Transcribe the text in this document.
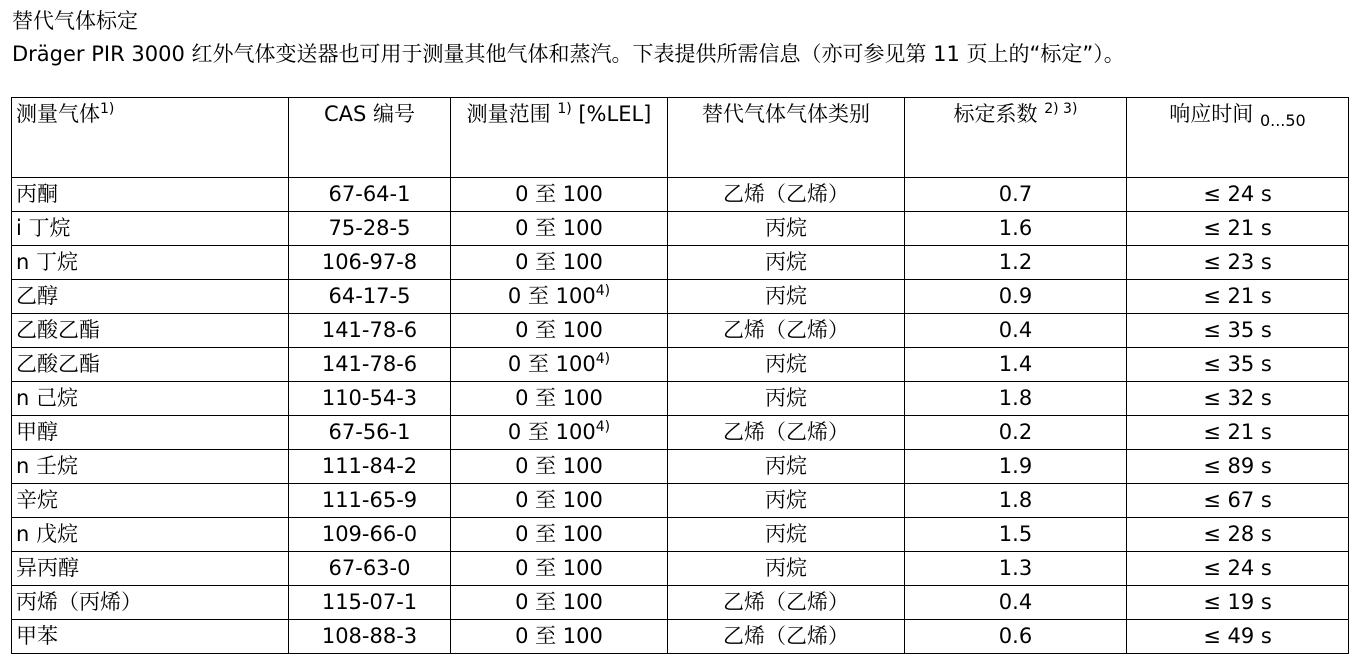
替代气体标定
Dräger PIR 3000 红外气体变送器也可用于测量其他气体和蒸汽。下表提供所需信息（亦可参见第 11 页上的“标定”）。
测量气体$^{1)}$	CAS 编号	测量范围 $^{1)}$ [%LEL]	替代气体气体类别	标定系数 $^{2) 3)}$	响应时间 $_{0...50}$
丙酮	67-64-1	0 至 100	乙烯（乙烯）	0.7	≤ 24 s
i 丁烷	75-28-5	0 至 100	丙烷	1.6	≤ 21 s
n 丁烷	106-97-8	0 至 100	丙烷	1.2	≤ 23 s
乙醇	64-17-5	0 至 100$^{4)}$	丙烷	0.9	≤ 21 s
乙酸乙酯	141-78-6	0 至 100	乙烯（乙烯）	0.4	≤ 35 s
乙酸乙酯	141-78-6	0 至 100$^{4)}$	丙烷	1.4	≤ 35 s
n 己烷	110-54-3	0 至 100	丙烷	1.8	≤ 32 s
甲醇	67-56-1	0 至 100$^{4)}$	乙烯（乙烯）	0.2	≤ 21 s
n 壬烷	111-84-2	0 至 100	丙烷	1.9	≤ 89 s
辛烷	111-65-9	0 至 100	丙烷	1.8	≤ 67 s
n 戊烷	109-66-0	0 至 100	丙烷	1.5	≤ 28 s
异丙醇	67-63-0	0 至 100	丙烷	1.3	≤ 24 s
丙烯（丙烯）	115-07-1	0 至 100	乙烯（乙烯）	0.4	≤ 19 s
甲苯	108-88-3	0 至 100	乙烯（乙烯）	0.6	≤ 49 s
